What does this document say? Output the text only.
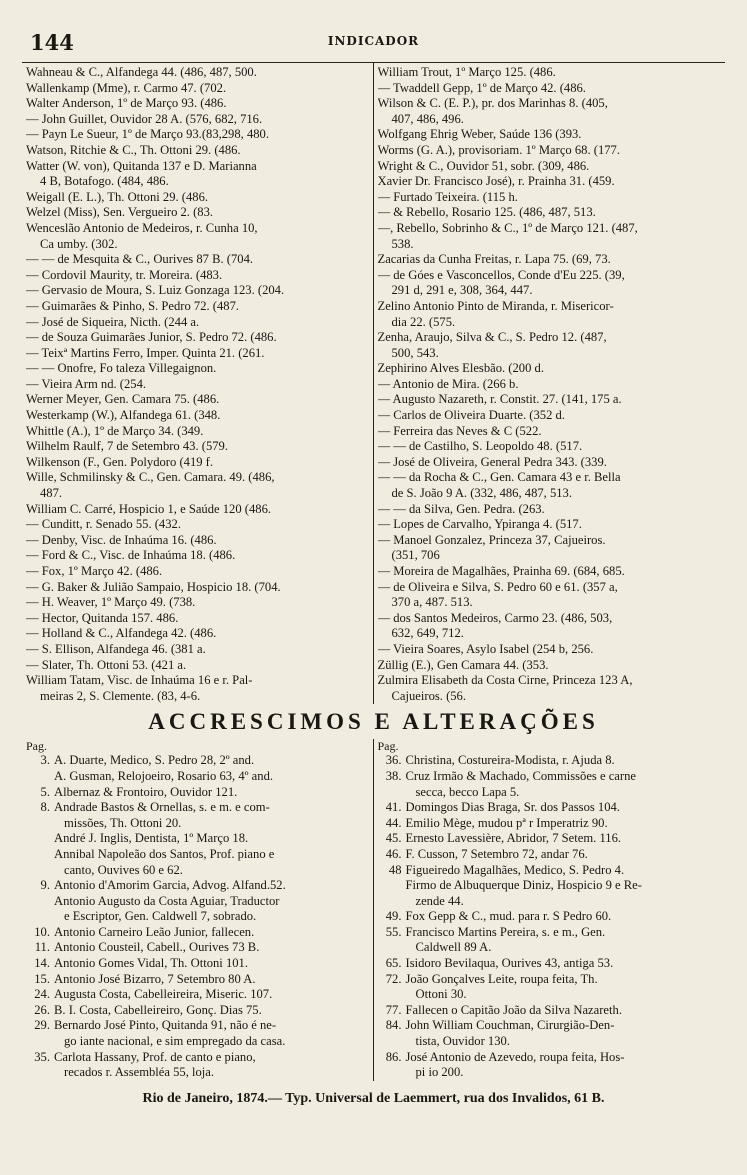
144	INDICADOR
Wahneau & C., Alfandega 44. (486, 487, 500.
Wallenkamp (Mme), r. Carmo 47. (702.
Walter Anderson, 1º de Março 93. (486.
— John Guillet, Ouvidor 28 A. (576, 682, 716.
— Payn Le Sueur, 1º de Março 93.(83,298, 480.
Watson, Ritchie & C., Th. Ottoni 29. (486.
Watter (W. von), Quitanda 137 e D. Marianna
4 B, Botafogo. (484, 486.
Weigall (E. L.), Th. Ottoni 29. (486.
Welzel (Miss), Sen. Vergueiro 2. (83.
Wenceslão Antonio de Medeiros, r. Cunha 10,
Ca umby. (302.
— — de Mesquita & C., Ourives 87 B. (704.
— Cordovil Maurity, tr. Moreira. (483.
— Gervasio de Moura, S. Luiz Gonzaga 123. (204.
— Guimarães & Pinho, S. Pedro 72. (487.
— José de Siqueira, Nicth. (244 a.
— de Souza Guimarães Junior, S. Pedro 72. (486.
— Teixª Martins Ferro, Imper. Quinta 21. (261.
— — Onofre, Fo taleza Villegaignon.
— Vieira Arm nd. (254.
Werner Meyer, Gen. Camara 75. (486.
Westerkamp (W.), Alfandega 61. (348.
Whittle (A.), 1º de Março 34. (349.
Wilhelm Raulf, 7 de Setembro 43. (579.
Wilkenson (F., Gen. Polydoro (419 f.
Wille, Schmilinsky & C., Gen. Camara. 49. (486,
487.
William C. Carré, Hospicio 1, e Saúde 120 (486.
— Cunditt, r. Senado 55. (432.
— Denby, Visc. de Inhaúma 16. (486.
— Ford & C., Visc. de Inhaúma 18. (486.
— Fox, 1º Março 42. (486.
— G. Baker & Julião Sampaio, Hospicio 18. (704.
— H. Weaver, 1º Março 49. (738.
— Hector, Quitanda 157. 486.
— Holland & C., Alfandega 42. (486.
— S. Ellison, Alfandega 46. (381 a.
— Slater, Th. Ottoni 53. (421 a.
William Tatam, Visc. de Inhaúma 16 e r. Pal-
meiras 2, S. Clemente. (83, 4-6.
William Trout, 1º Março 125. (486.
— Twaddell Gepp, 1º de Março 42. (486.
Wilson & C. (E. P.), pr. dos Marinhas 8. (405,
407, 486, 496.
Wolfgang Ehrig Weber, Saúde 136 (393.
Worms (G. A.), provisoriam. 1º Março 68. (177.
Wright & C., Ouvidor 51, sobr. (309, 486.
Xavier Dr. Francisco José), r. Prainha 31. (459.
— Furtado Teixeira. (115 h.
— & Rebello, Rosario 125. (486, 487, 513.
—, Rebello, Sobrinho & C., 1º de Março 121. (487,
538.
Zacarias da Cunha Freitas, r. Lapa 75. (69, 73.
— de Góes e Vasconcellos, Conde d'Eu 225. (39,
291 d, 291 e, 308, 364, 447.
Zelino Antonio Pinto de Miranda, r. Misericor-
dia 22. (575.
Zenha, Araujo, Silva & C., S. Pedro 12. (487,
500, 543.
Zephirino Alves Elesbão. (200 d.
— Antonio de Mira. (266 b.
— Augusto Nazareth, r. Constit. 27. (141, 175 a.
— Carlos de Oliveira Duarte. (352 d.
— Ferreira das Neves & C (522.
— — de Castilho, S. Leopoldo 48. (517.
— José de Oliveira, General Pedra 343. (339.
— — da Rocha & C., Gen. Camara 43 e r. Bella
de S. João 9 A. (332, 486, 487, 513.
— — da Silva, Gen. Pedra. (263.
— Lopes de Carvalho, Ypiranga 4. (517.
— Manoel Gonzalez, Princeza 37, Cajueiros.
(351, 706
— Moreira de Magalhães, Prainha 69. (684, 685.
— de Oliveira e Silva, S. Pedro 60 e 61. (357 a,
370 a, 487. 513.
— dos Santos Medeiros, Carmo 23. (486, 503,
632, 649, 712.
— Vieira Soares, Asylo Isabel (254 b, 256.
Züllig (E.), Gen Camara 44. (353.
Zulmira Elisabeth da Costa Cirne, Princeza 123 A,
Cajueiros. (56.
ACCRESCIMOS E ALTERAÇÕES
Pag.
3. A. Duarte, Medico, S. Pedro 28, 2º and.
A. Gusman, Relojoeiro, Rosario 63, 4º and.
5. Albernaz & Frontoiro, Ouvidor 121.
8. Andrade Bastos & Ornellas, s. e m. e com-
missões, Th. Ottoni 20.
André J. Inglis, Dentista, 1º Março 18.
Annibal Napoleão dos Santos, Prof. piano e
canto, Ouvives 60 e 62.
9. Antonio d'Amorim Garcia, Advog. Alfand.52.
Antonio Augusto da Costa Aguiar, Traductor
e Escriptor, Gen. Caldwell 7, sobrado.
10. Antonio Carneiro Leão Junior, fallecen.
11. Antonio Cousteil, Cabell., Ourives 73 B.
14. Antonio Gomes Vidal, Th. Ottoni 101.
15. Antonio José Bizarro, 7 Setembro 80 A.
24. Augusta Costa, Cabelleireira, Miseric. 107.
26. B. I. Costa, Cabelleireiro, Gonç. Dias 75.
29. Bernardo José Pinto, Quitanda 91, não é ne-
go iante nacional, e sim empregado da casa.
35. Carlota Hassany, Prof. de canto e piano,
recados r. Assembléa 55, loja.
Pag.
36. Christina, Costureira-Modista, r. Ajuda 8.
38. Cruz Irmão & Machado, Commissões e carne
secca, becco Lapa 5.
41. Domingos Dias Braga, Sr. dos Passos 104.
44. Emilio Mège, mudou pª r Imperatriz 90.
45. Ernesto Lavessière, Abridor, 7 Setem. 116.
46. F. Cusson, 7 Setembro 72, andar 76.
48 Figueiredo Magalhães, Medico, S. Pedro 4.
Firmo de Albuquerque Diniz, Hospicio 9 e Re-
zende 44.
49. Fox Gepp & C., mud. para r. S Pedro 60.
55. Francisco Martins Pereira, s. e m., Gen.
Caldwell 89 A.
65. Isidoro Bevilaqua, Ourives 43, antiga 53.
72. João Gonçalves Leite, roupa feita, Th.
Ottoni 30.
77. Fallecen o Capitão João da Silva Nazareth.
84. John William Couchman, Cirurgião-Den-
tista, Ouvidor 130.
86. José Antonio de Azevedo, roupa feita, Hos-
pi io 200.
Rio de Janeiro, 1874.— Typ. Universal de Laemmert, rua dos Invalidos, 61 B.
